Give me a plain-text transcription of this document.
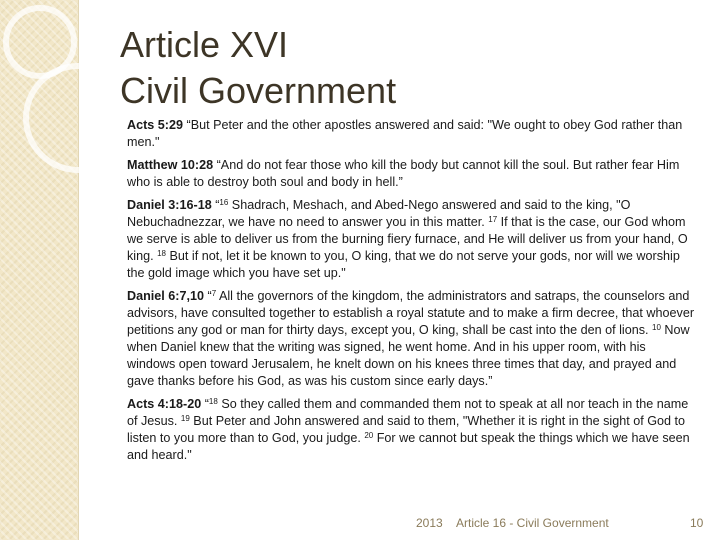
Article XVI
Civil Government

Acts 5:29 “But Peter and the other apostles answered and said: "We ought to obey God rather than men."

Matthew 10:28 “And do not fear those who kill the body but cannot kill the soul. But rather fear Him who is able to destroy both soul and body in hell.”

Daniel 3:16-18 “$^{16}$ Shadrach, Meshach, and Abed-Nego answered and said to the king, "O Nebuchadnezzar, we have no need to answer you in this matter. $^{17}$ If that is the case, our God whom we serve is able to deliver us from the burning fiery furnace, and He will deliver us from your hand, O king. $^{18}$ But if not, let it be known to you, O king, that we do not serve your gods, nor will we worship the gold image which you have set up."

Daniel 6:7,10 “$^7$ All the governors of the kingdom, the administrators and satraps, the counselors and advisors, have consulted together to establish a royal statute and to make a firm decree, that whoever petitions any god or man for thirty days, except you, O king, shall be cast into the den of lions. $^{10}$ Now when Daniel knew that the writing was signed, he went home. And in his upper room, with his windows open toward Jerusalem, he knelt down on his knees three times that day, and prayed and gave thanks before his God, as was his custom since early days.”

Acts 4:18-20 “$^{18}$ So they called them and commanded them not to speak at all nor teach in the name of Jesus. $^{19}$ But Peter and John answered and said to them, "Whether it is right in the sight of God to listen to you more than to God, you judge. $^{20}$ For we cannot but speak the things which we have seen and heard."

2013 Article 16 - Civil Government	10
